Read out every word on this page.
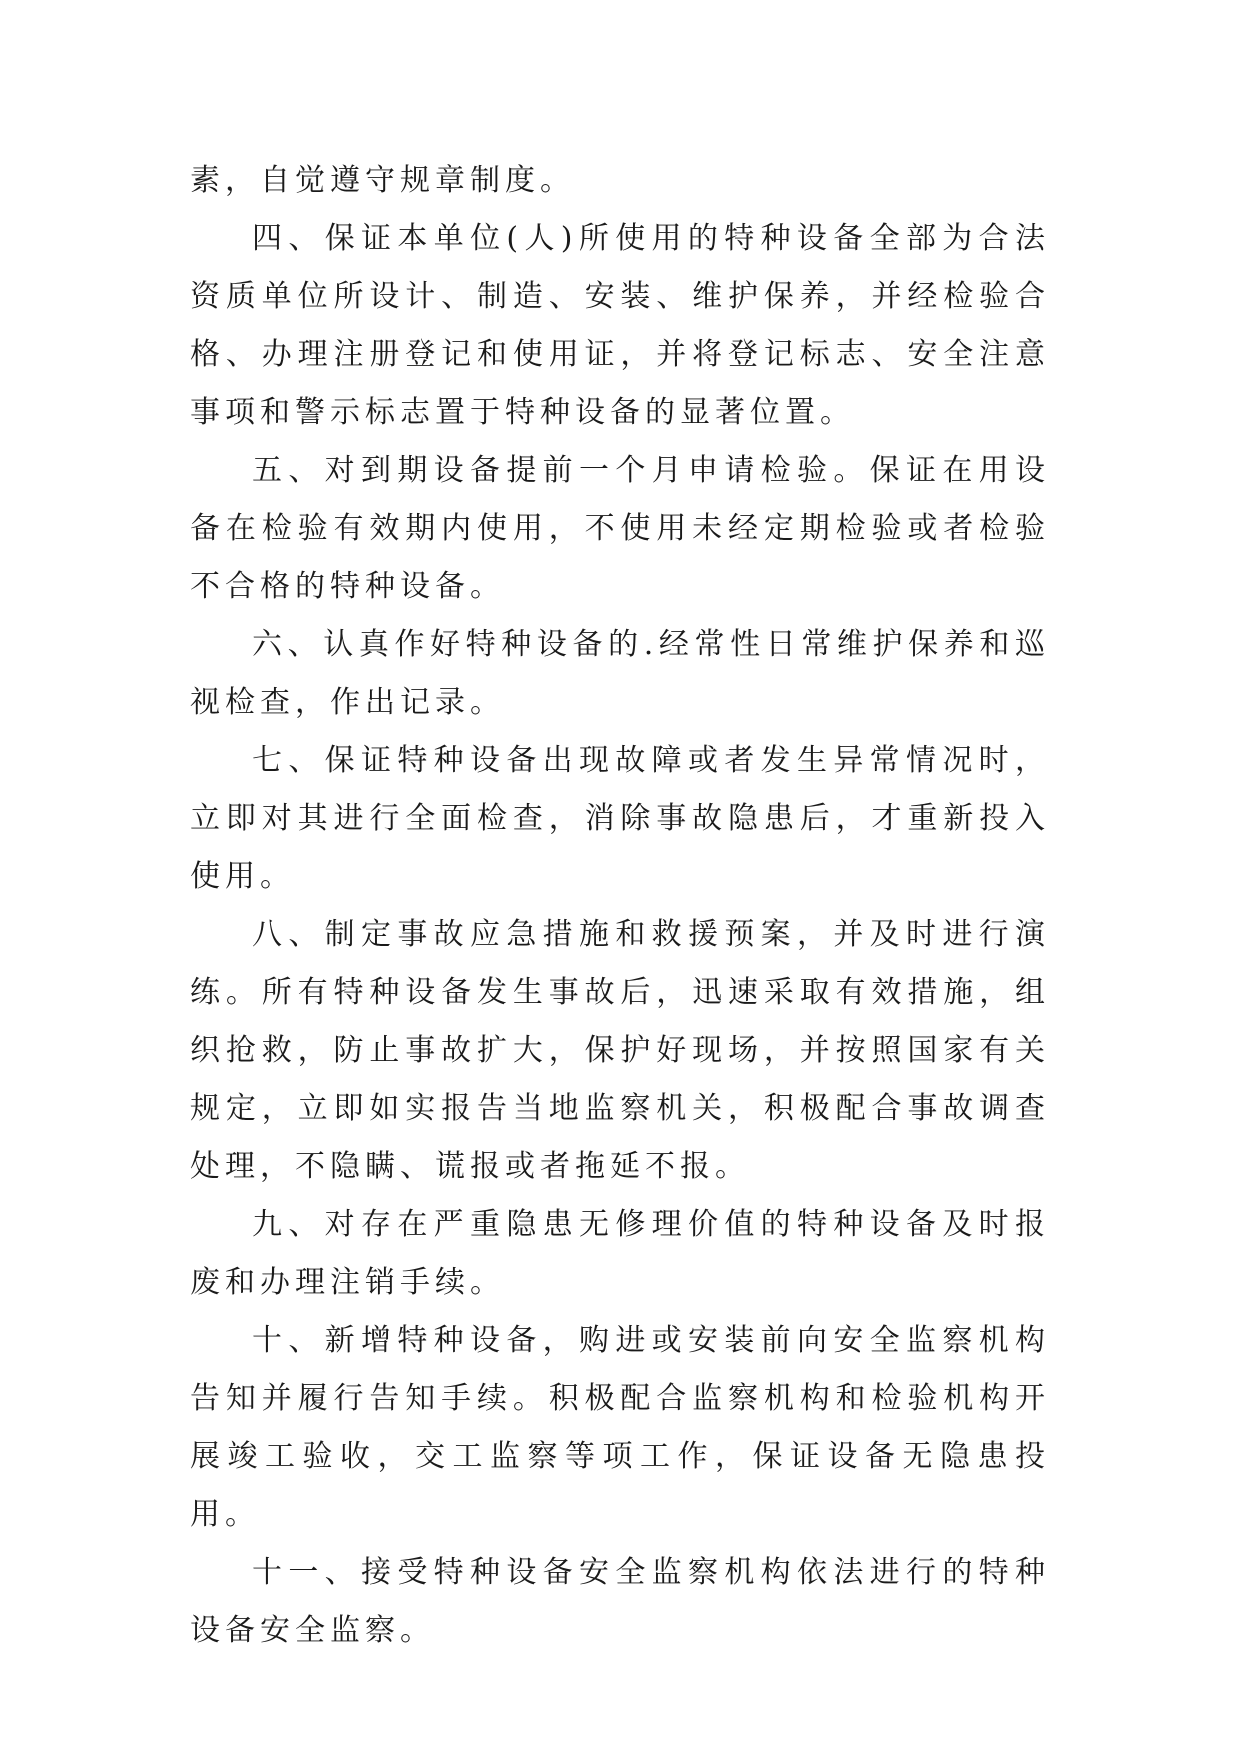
素，自觉遵守规章制度。

四、保证本单位(人)所使用的特种设备全部为合法资质单位所设计、制造、安装、维护保养，并经检验合格、办理注册登记和使用证，并将登记标志、安全注意事项和警示标志置于特种设备的显著位置。

五、对到期设备提前一个月申请检验。保证在用设备在检验有效期内使用，不使用未经定期检验或者检验不合格的特种设备。

六、认真作好特种设备的.经常性日常维护保养和巡视检查，作出记录。

七、保证特种设备出现故障或者发生异常情况时，立即对其进行全面检查，消除事故隐患后，才重新投入使用。

八、制定事故应急措施和救援预案，并及时进行演练。所有特种设备发生事故后，迅速采取有效措施，组织抢救，防止事故扩大，保护好现场，并按照国家有关规定，立即如实报告当地监察机关，积极配合事故调查处理，不隐瞒、谎报或者拖延不报。

九、对存在严重隐患无修理价值的特种设备及时报废和办理注销手续。

十、新增特种设备，购进或安装前向安全监察机构告知并履行告知手续。积极配合监察机构和检验机构开展竣工验收，交工监察等项工作，保证设备无隐患投用。

十一、接受特种设备安全监察机构依法进行的特种设备安全监察。
